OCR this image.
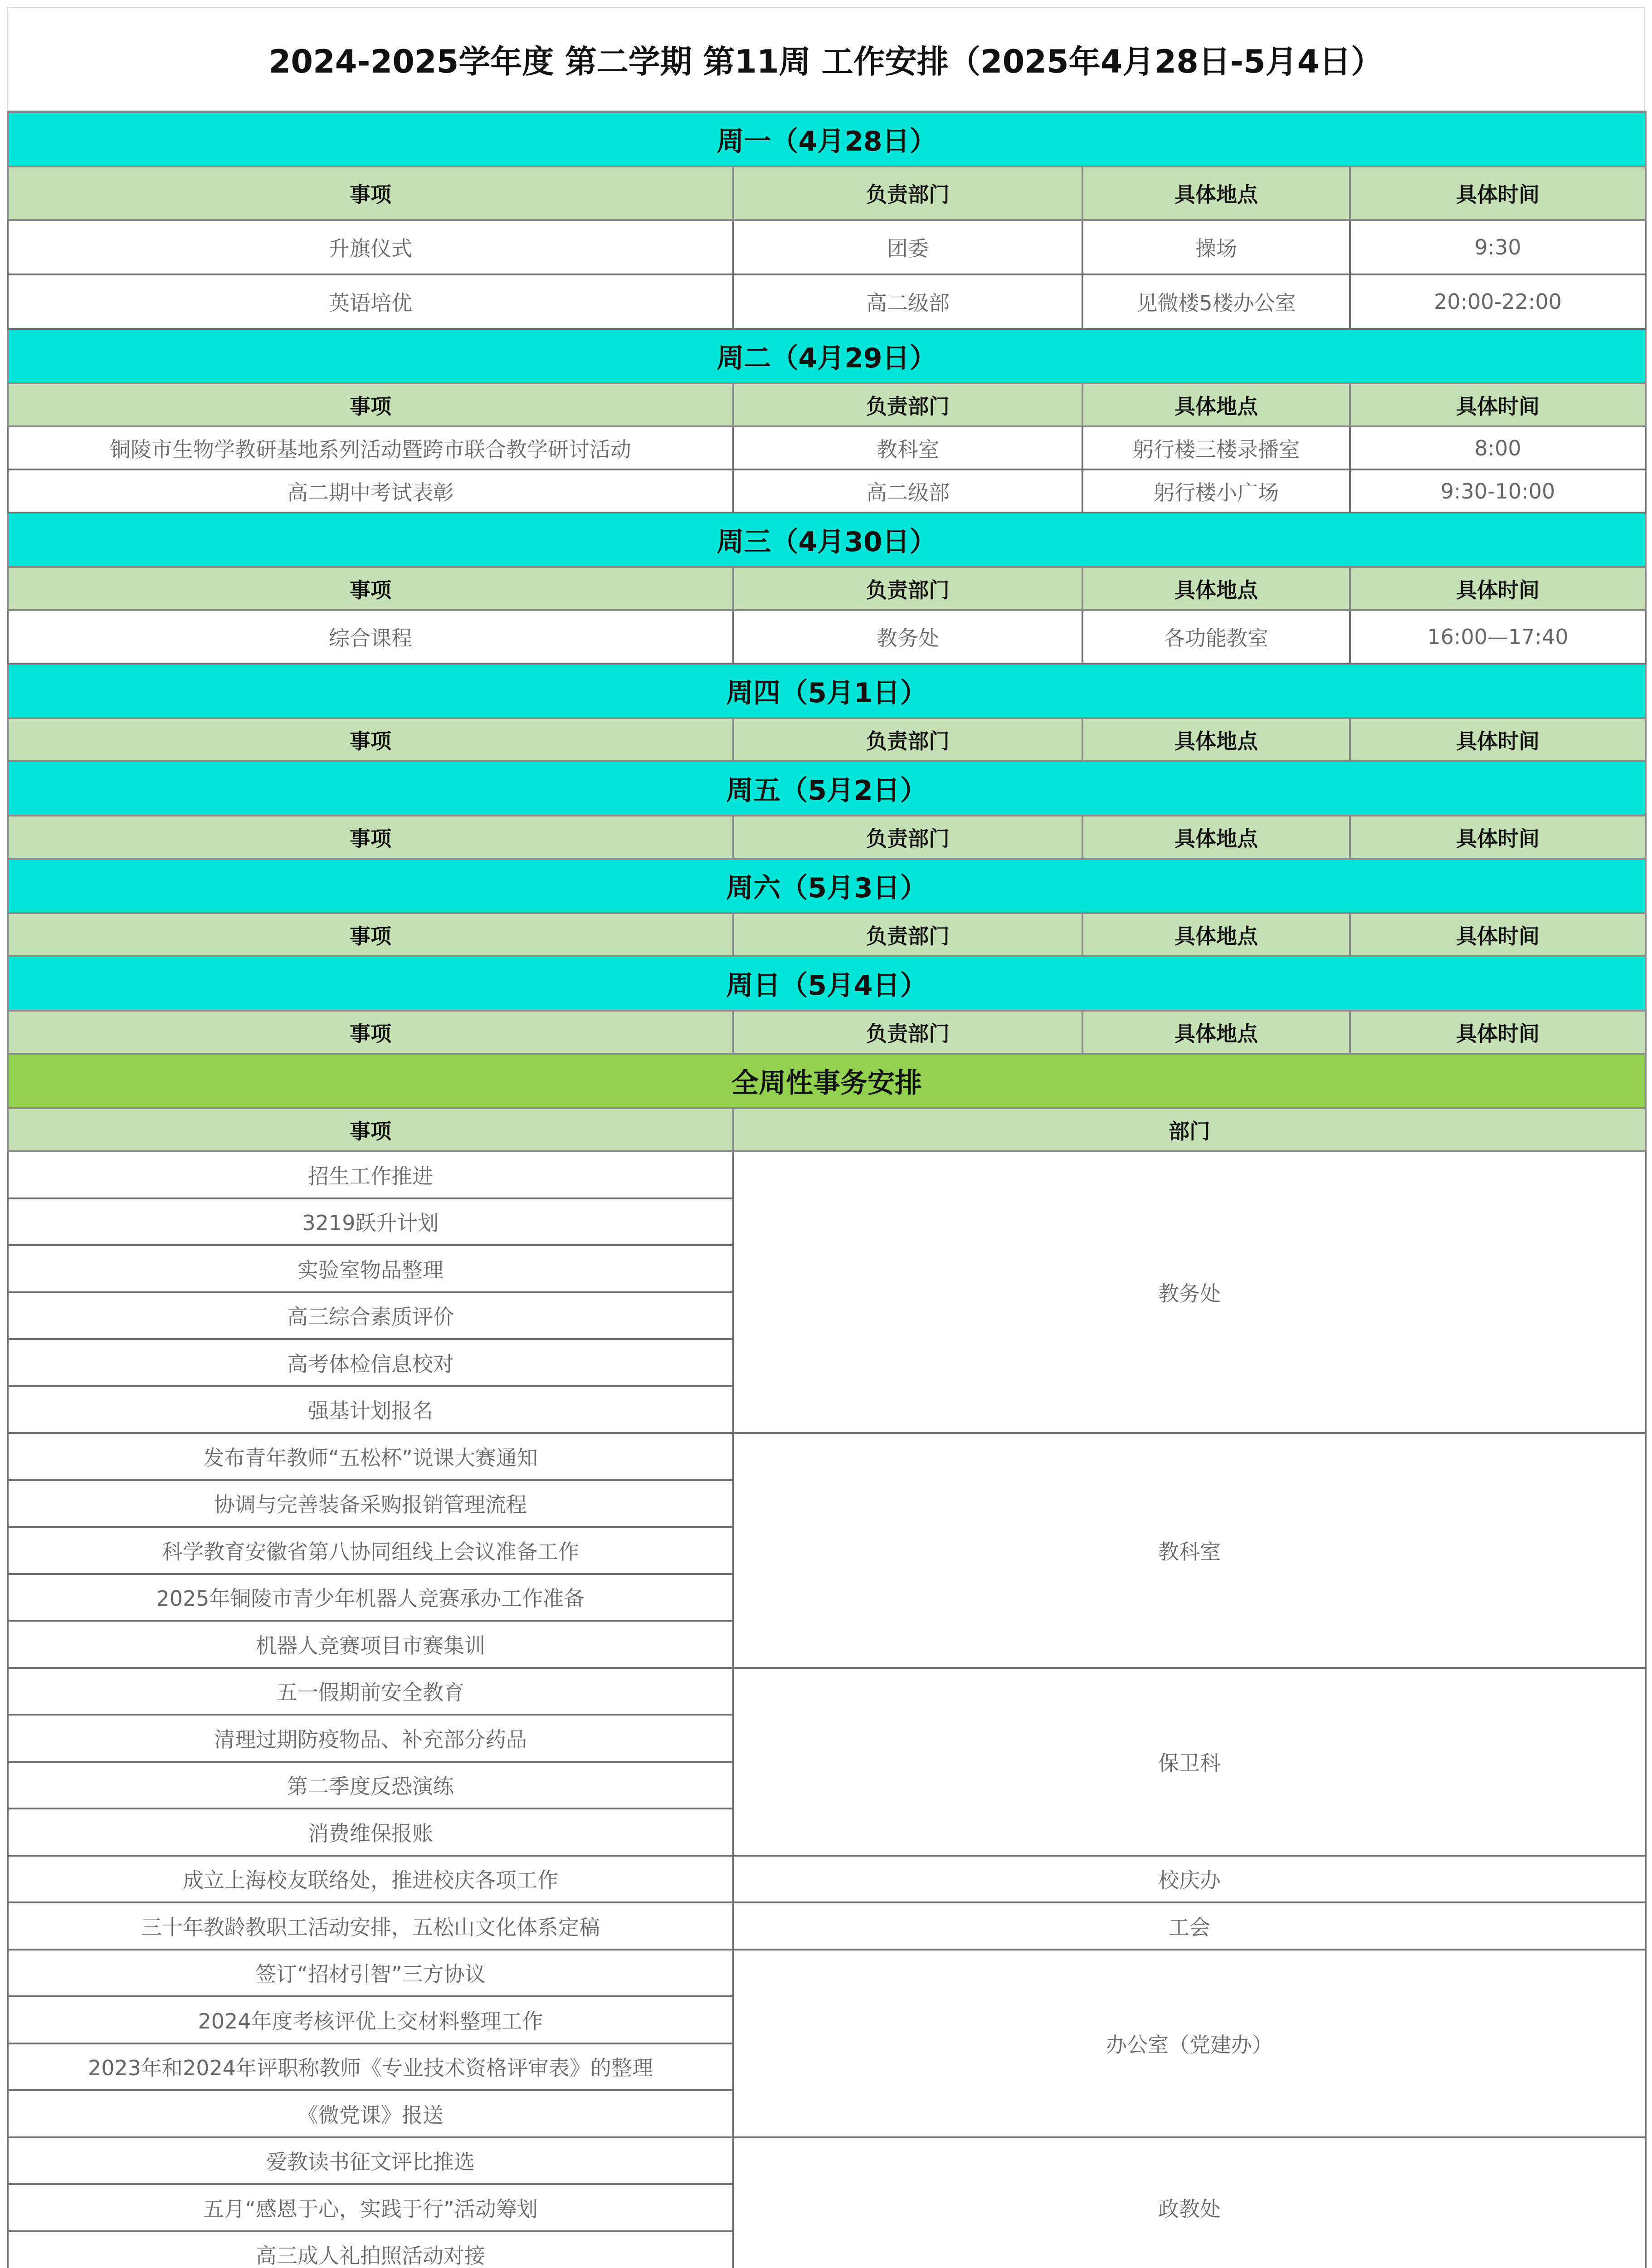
2024-2025学年度 第二学期 第11周 工作安排（2025年4月28日-5月4日）
周一（4月28日）			
事项	负责部门	具体地点	具体时间
升旗仪式	团委	操场	9:30
英语培优	高二级部	见微楼5楼办公室	20:00-22:00
周二（4月29日）			
事项	负责部门	具体地点	具体时间
铜陵市生物学教研基地系列活动暨跨市联合教学研讨活动	教科室	躬行楼三楼录播室	8:00
高二期中考试表彰	高二级部	躬行楼小广场	9:30-10:00
周三（4月30日）			
事项	负责部门	具体地点	具体时间
综合课程	教务处	各功能教室	16:00—17:40
周四（5月1日）			
事项	负责部门	具体地点	具体时间
周五（5月2日）			
事项	负责部门	具体地点	具体时间
周六（5月3日）			
事项	负责部门	具体地点	具体时间
周日（5月4日）			
事项	负责部门	具体地点	具体时间
全周性事务安排			
事项	部门		
招生工作推进	教务处		
3219跃升计划			
实验室物品整理			
高三综合素质评价			
高考体检信息校对			
强基计划报名			
发布青年教师“五松杯”说课大赛通知	教科室		
协调与完善装备采购报销管理流程			
科学教育安徽省第八协同组线上会议准备工作			
2025年铜陵市青少年机器人竞赛承办工作准备			
机器人竞赛项目市赛集训			
五一假期前安全教育	保卫科		
清理过期防疫物品、补充部分药品			
第二季度反恐演练			
消费维保报账			
成立上海校友联络处，推进校庆各项工作	校庆办		
三十年教龄教职工活动安排，五松山文化体系定稿	工会		
签订“招材引智”三方协议	办公室（党建办）		
2024年度考核评优上交材料整理工作			
2023年和2024年评职称教师《专业技术资格评审表》的整理			
《微党课》报送			
爱教读书征文评比推选	政教处		
五月“感恩于心，实践于行”活动筹划			
高三成人礼拍照活动对接			
